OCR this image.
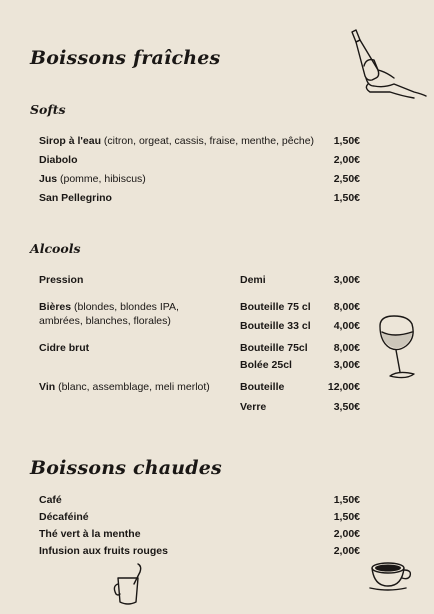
Boissons fraîches
Softs
Sirop à l'eau (citron, orgeat, cassis, fraise, menthe, pêche)	1,50€
Diabolo	2,00€
Jus (pomme, hibiscus)	2,50€
San Pellegrino	1,50€
Alcools
Pression	Demi	3,00€
Bières (blondes, blondes IPA,
ambrées, blanches, florales)
Bouteille 75 cl	8,00€
Bouteille 33 cl	4,00€
Cidre brut	Bouteille 75cl	8,00€
Bolée 25cl	3,00€
Vin (blanc, assemblage, meli merlot)	Bouteille	12,00€
Verre	3,50€
Boissons chaudes
Café	1,50€
Décaféiné	1,50€
Thé vert à la menthe	2,00€
Infusion aux fruits rouges	2,00€
